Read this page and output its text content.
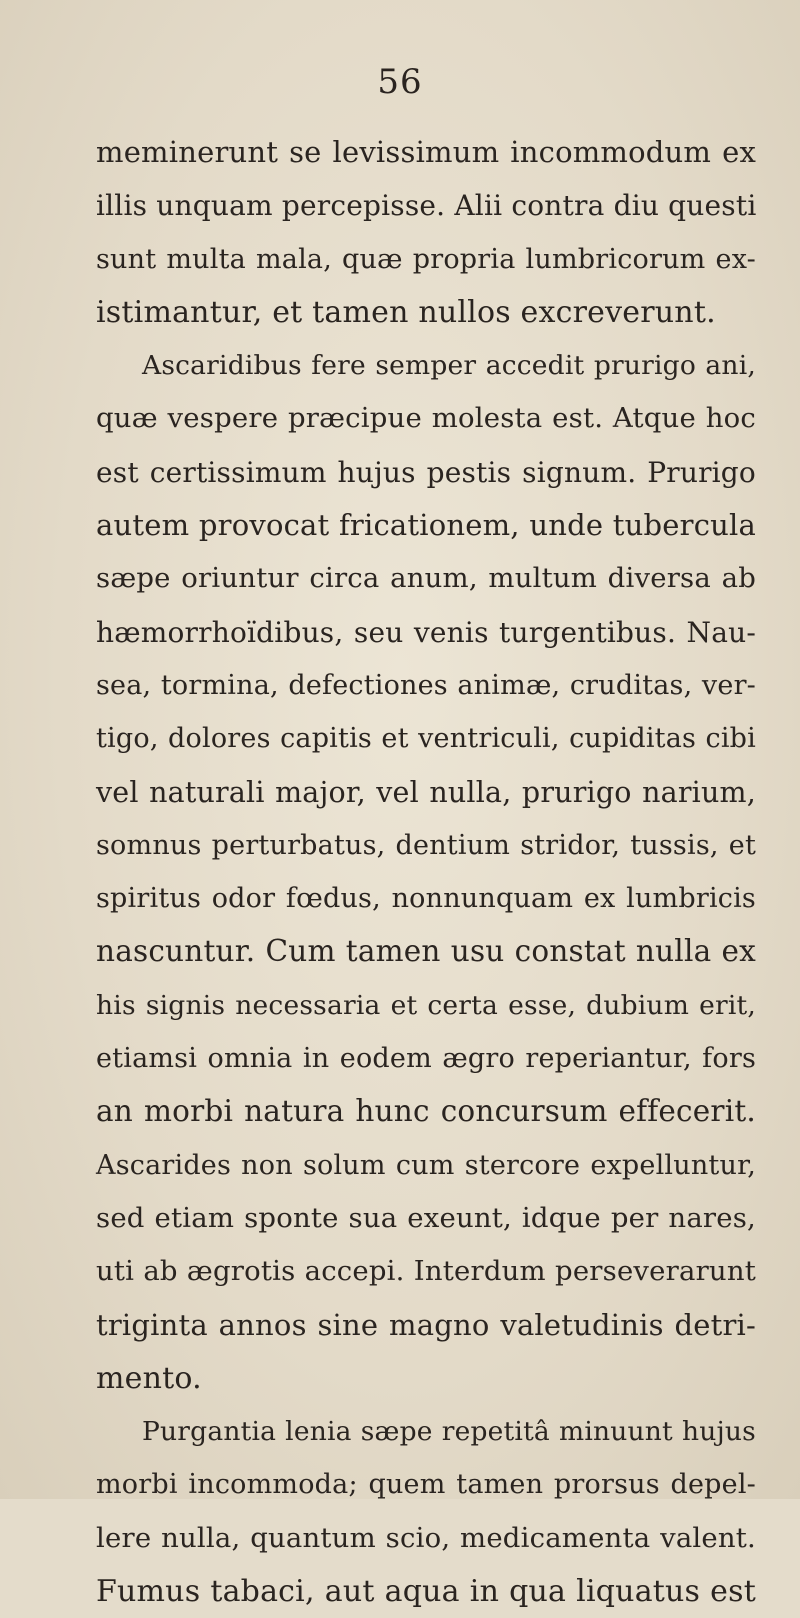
56
meminerunt se levissimum incommodum ex
illis unquam percepisse. Alii contra diu questi
sunt multa mala, quæ propria lumbricorum ex-
istimantur, et tamen nullos excreverunt.
Ascaridibus fere semper accedit prurigo ani,
quæ vespere præcipue molesta est. Atque hoc
est certissimum hujus pestis signum. Prurigo
autem provocat fricationem, unde tubercula
sæpe oriuntur circa anum, multum diversa ab
hæmorrhoïdibus, seu venis turgentibus. Nau-
sea, tormina, defectiones animæ, cruditas, ver-
tigo, dolores capitis et ventriculi, cupiditas cibi
vel naturali major, vel nulla, prurigo narium,
somnus perturbatus, dentium stridor, tussis, et
spiritus odor fœdus, nonnunquam ex lumbricis
nascuntur. Cum tamen usu constat nulla ex
his signis necessaria et certa esse, dubium erit,
etiamsi omnia in eodem ægro reperiantur, fors
an morbi natura hunc concursum effecerit.
Ascarides non solum cum stercore expelluntur,
sed etiam sponte sua exeunt, idque per nares,
uti ab ægrotis accepi. Interdum perseverarunt
triginta annos sine magno valetudinis detri-
mento.
Purgantia lenia sæpe repetitâ minuunt hujus
morbi incommoda; quem tamen prorsus depel-
lere nulla, quantum scio, medicamenta valent.
Fumus tabaci, aut aqua in qua liquatus est
